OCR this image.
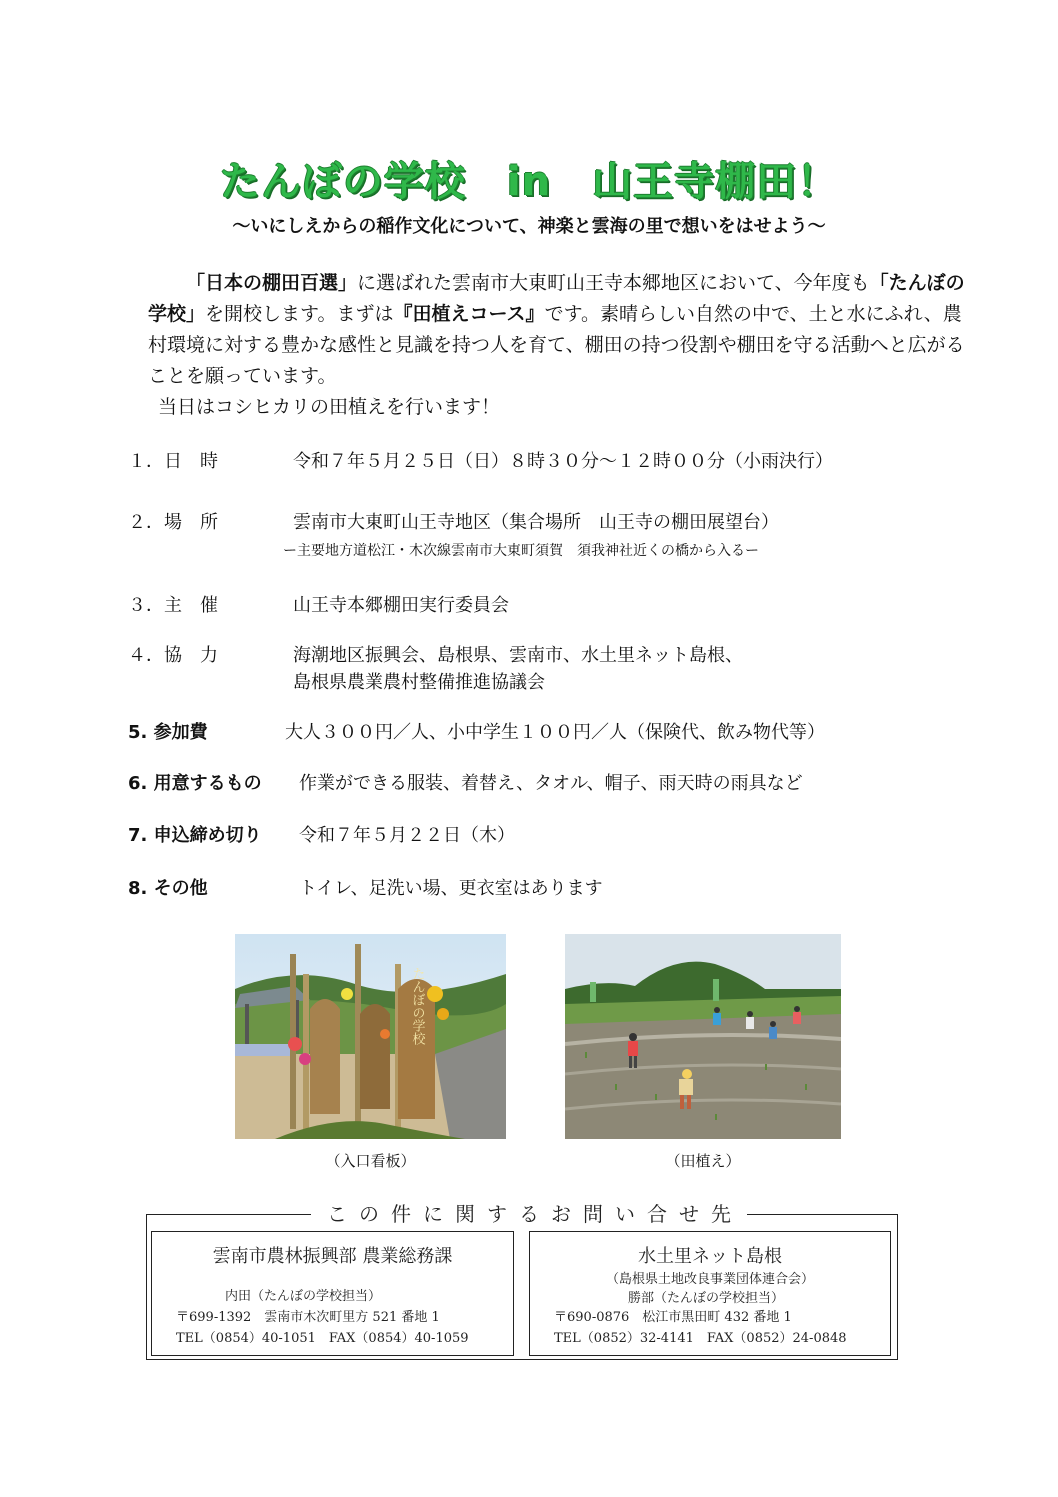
たんぼの学校　in　山王寺棚田！
～いにしえからの稲作文化について、神楽と雲海の里で想いをはせよう～

「日本の棚田百選」に選ばれた雲南市大東町山王寺本郷地区において、今年度も「たんぼの学校」を開校します。まずは『田植えコース』です。素晴らしい自然の中で、土と水にふれ、農村環境に対する豊かな感性と見識を持つ人を育て、棚田の持つ役割や棚田を守る活動へと広がることを願っています。

当日はコシヒカリの田植えを行います！

１．日　時	令和７年５月２５日（日）８時３０分～１２時００分（小雨決行）
２．場　所	雲南市大東町山王寺地区（集合場所　山王寺の棚田展望台）
ー主要地方道松江・木次線雲南市大東町須賀　須我神社近くの橋から入るー
３．主　催	山王寺本郷棚田実行委員会
４．協　力	海潮地区振興会、島根県、雲南市、水土里ネット島根、
島根県農業農村整備推進協議会
5. 参加費	大人３００円／人、小中学生１００円／人（保険代、飲み物代等）
6. 用意するもの 作業ができる服装、着替え、タオル、帽子、雨天時の雨具など
7. 申込締め切り 令和７年５月２２日（木）
8. その他	トイレ、足洗い場、更衣室はあります
たんぼの学校
（入口看板）	（田植え）
この件に関するお問い合せ先
雲南市農林振興部 農業総務課
内田（たんぼの学校担当）
〒699-1392　雲南市木次町里方 521 番地 1
TEL（0854）40-1051　FAX（0854）40-1059
水土里ネット島根
（島根県土地改良事業団体連合会）
勝部（たんぼの学校担当）
〒690-0876　松江市黒田町 432 番地 1
TEL（0852）32-4141　FAX（0852）24-0848
